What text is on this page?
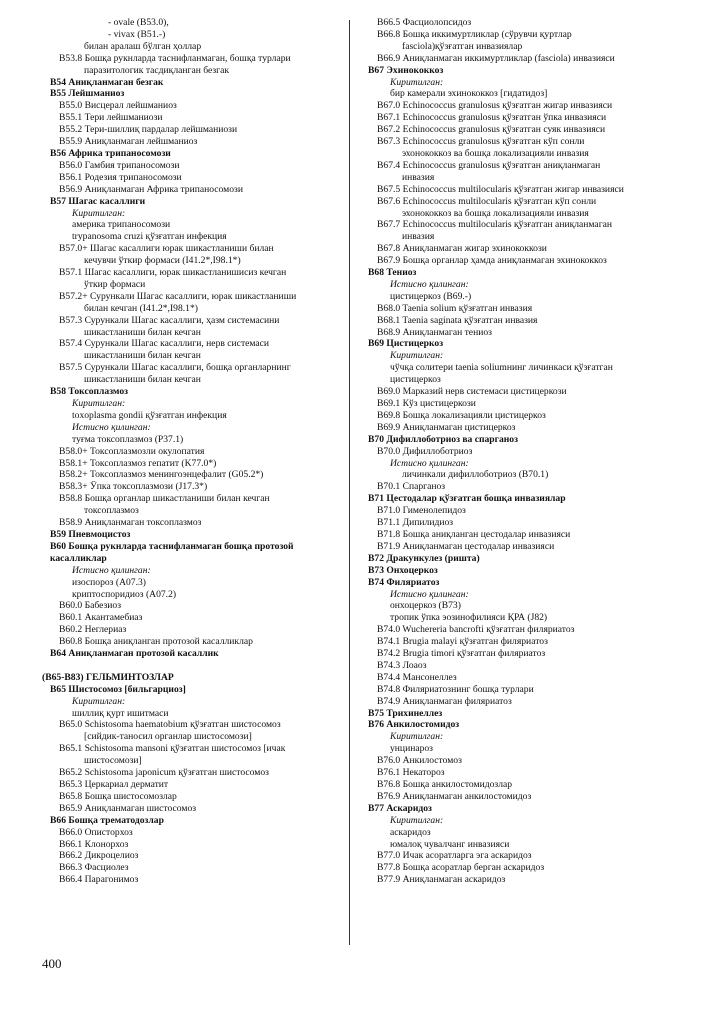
- ovale (B53.0),
- vivax (B51.-)
билан аралаш бўлган ҳоллар
B53.8 Бошқа рукнларда таснифланмаган, бошқа турлари
паразитологик тасдиқланган безгак
B54 Аниқланмаган безгак
B55 Лейшманиоз
B55.0 Висцерал лейшманиоз
B55.1 Тери лейшманиози
B55.2 Тери-шиллиқ пардалар лейшманиози
B55.9 Аниқланмаган лейшманиоз
B56 Африка трипаносомози
B56.0 Гамбия трипаносомози
B56.1 Родезия трипаносомози
B56.9 Аниқланмаган Африка трипаносомози
B57 Шагас касаллиги
Киритилган:
америка трипаносомози
trypanosoma cruzi қўзғатган инфекция
B57.0+ Шагас касаллиги юрак шикастланиши билан
кечувчи ўткир формаси (I41.2*,I98.1*)
B57.1 Шагас касаллиги, юрак шикастланишисиз кечган
ўткир формаси
B57.2+ Сурункали Шагас касаллиги, юрак шикастланиши
билан кечган (I41.2*,I98.1*)
B57.3 Сурункали Шагас касаллиги, ҳазм системасини
шикастланиши билан кечган
B57.4 Сурункали Шагас касаллиги, нерв системаси
шикастланиши билан кечган
B57.5 Сурункали Шагас касаллиги, бошқа органларнинг
шикастланиши билан кечган
B58 Токсоплазмоз
Киритилган:
toxoplasma gondii қўзғатган инфекция
Истисно қилинган:
туғма токсоплазмоз (P37.1)
B58.0+ Токсоплазмозли окулопатия
B58.1+ Токсоплазмоз гепатит (K77.0*)
B58.2+ Токсоплазмоз менингоэнцефалит (G05.2*)
B58.3+ Ўпка токсоплазмози (J17.3*)
B58.8 Бошқа органлар шикастланиши билан кечган
токсоплазмоз
B58.9 Аниқланмаган токсоплазмоз
B59 Пневмоцистоз
B60 Бошқа рукнларда таснифланмаган бошқа протозой
касалликлар
Истисно қилинган:
изоспороз (A07.3)
криптоспоридиоз (A07.2)
B60.0 Бабезиоз
B60.1 Акантамебиаз
B60.2 Неглериаз
B60.8 Бошқа аниқланган протозой касалликлар
B64 Аниқланмаган протозой касаллик
(B65-B83) ГЕЛЬМИНТОЗЛАР
B65 Шистосомоз [бильгарциоз]
Киритилган:
шиллиқ қурт ишитмаси
B65.0 Schistosoma haematobium қўзғатган шистосомоз
[сийдик-таносил органлар шистосомози]
B65.1 Schistosoma mansoni қўзғатган шистосомоз [ичак
шистосомози]
B65.2 Schistosoma japonicum қўзғатган шистосомоз
B65.3 Церкариал дерматит
B65.8 Бошқа шистосомозлар
B65.9 Аниқланмаган шистосомоз
B66 Бошқа трематодозлар
B66.0 Описторхоз
B66.1 Клонорхоз
B66.2 Дикроцелиоз
B66.3 Фасциолез
B66.4 Парагонимоз
B66.5 Фасциолопсидоз
B66.8 Бошқа иккимуртликлар (сўрувчи қуртлар
fasciola)қўзғатган инвазиялар
B66.9 Аниқланмаган иккимуртликлар (fasciola) инвазияси
B67 Эхинококкоз
Киритилган:
бир камерали эхинококкоз [гидатидоз]
B67.0 Echinococcus granulosus қўзғатган жигар инвазияси
B67.1 Echinococcus granulosus қўзғатган ўпка инвазияси
B67.2 Echinococcus granulosus қўзғатган суяк инвазияси
B67.3 Echinococcus granulosus қўзғатган кўп сонли
эхонококкоз ва бошқа локализацияли инвазия
B67.4 Echinococcus granulosus қўзғатган аниқланмаган
инвазия
B67.5 Echinococcus multilocularis қўзғатган жигар инвазияси
B67.6 Echinococcus multilocularis қўзғатган кўп сонли
эхонококкоз ва бошқа локализацияли инвазия
B67.7 Echinococcus multilocularis қўзғатган аниқланмаган
инвазия
B67.8 Аниқланмаган жигар эхинококкози
B67.9 Бошқа органлар ҳамда аниқланмаган эхинококкоз
B68 Тениоз
Истисно қилинган:
цистицеркоз (B69.-)
B68.0 Taenia solium қўзғатган инвазия
B68.1 Taenia saginata қўзғатган инвазия
B68.9 Аниқланмаган тениоз
B69 Цистицеркоз
Киритилган:
чўчқа солитери taenia soliumнинг личинкаси қўзғатган
цистицеркоз
B69.0 Марказий нерв системаси цистицеркози
B69.1 Кўз цистицеркози
B69.8 Бошқа локализацияли цистицеркоз
B69.9 Аниқланмаган цистицеркоз
B70 Дифиллоботриоз ва спарганоз
B70.0 Дифиллоботриоз
Истисно қилинган:
личинкали дифиллоботриоз (B70.1)
B70.1 Спарганоз
B71 Цестодалар қўзғатган бошқа инвазиялар
B71.0 Гименолепидоз
B71.1 Дипилидиоз
B71.8 Бошқа аниқланган цестодалар инвазияси
B71.9 Аниқланмаган цестодалар инвазияси
B72 Дракункулез (ришта)
B73 Онхоцеркоз
B74 Филяриатоз
Истисно қилинган:
онхоцеркоз (B73)
тропик ўпка эозинофилияси ҚРА (J82)
B74.0 Wuchereria bancrofti қўзғатган филяриатоз
B74.1 Brugia malayi қўзғатган филяриатоз
B74.2 Brugia timori қўзғатган филяриатоз
B74.3 Лоаоз
B74.4 Мансонеллез
B74.8 Филяриатознинг бошқа турлари
B74.9 Аниқланмаган филяриатоз
B75 Трихинеллез
B76 Анкилостомидоз
Киритилган:
унцинароз
B76.0 Анкилостомоз
B76.1 Некатороз
B76.8 Бошқа анкилостомидозлар
B76.9 Аниқланмаган анкилостомидоз
B77 Аскаридоз
Киритилган:
аскаридоз
юмалоқ чувалчанг инвазияси
B77.0 Ичак асоратларга эга аскаридоз
B77.8 Бошқа асоратлар берган аскаридоз
B77.9 Аниқланмаган аскаридоз
400
